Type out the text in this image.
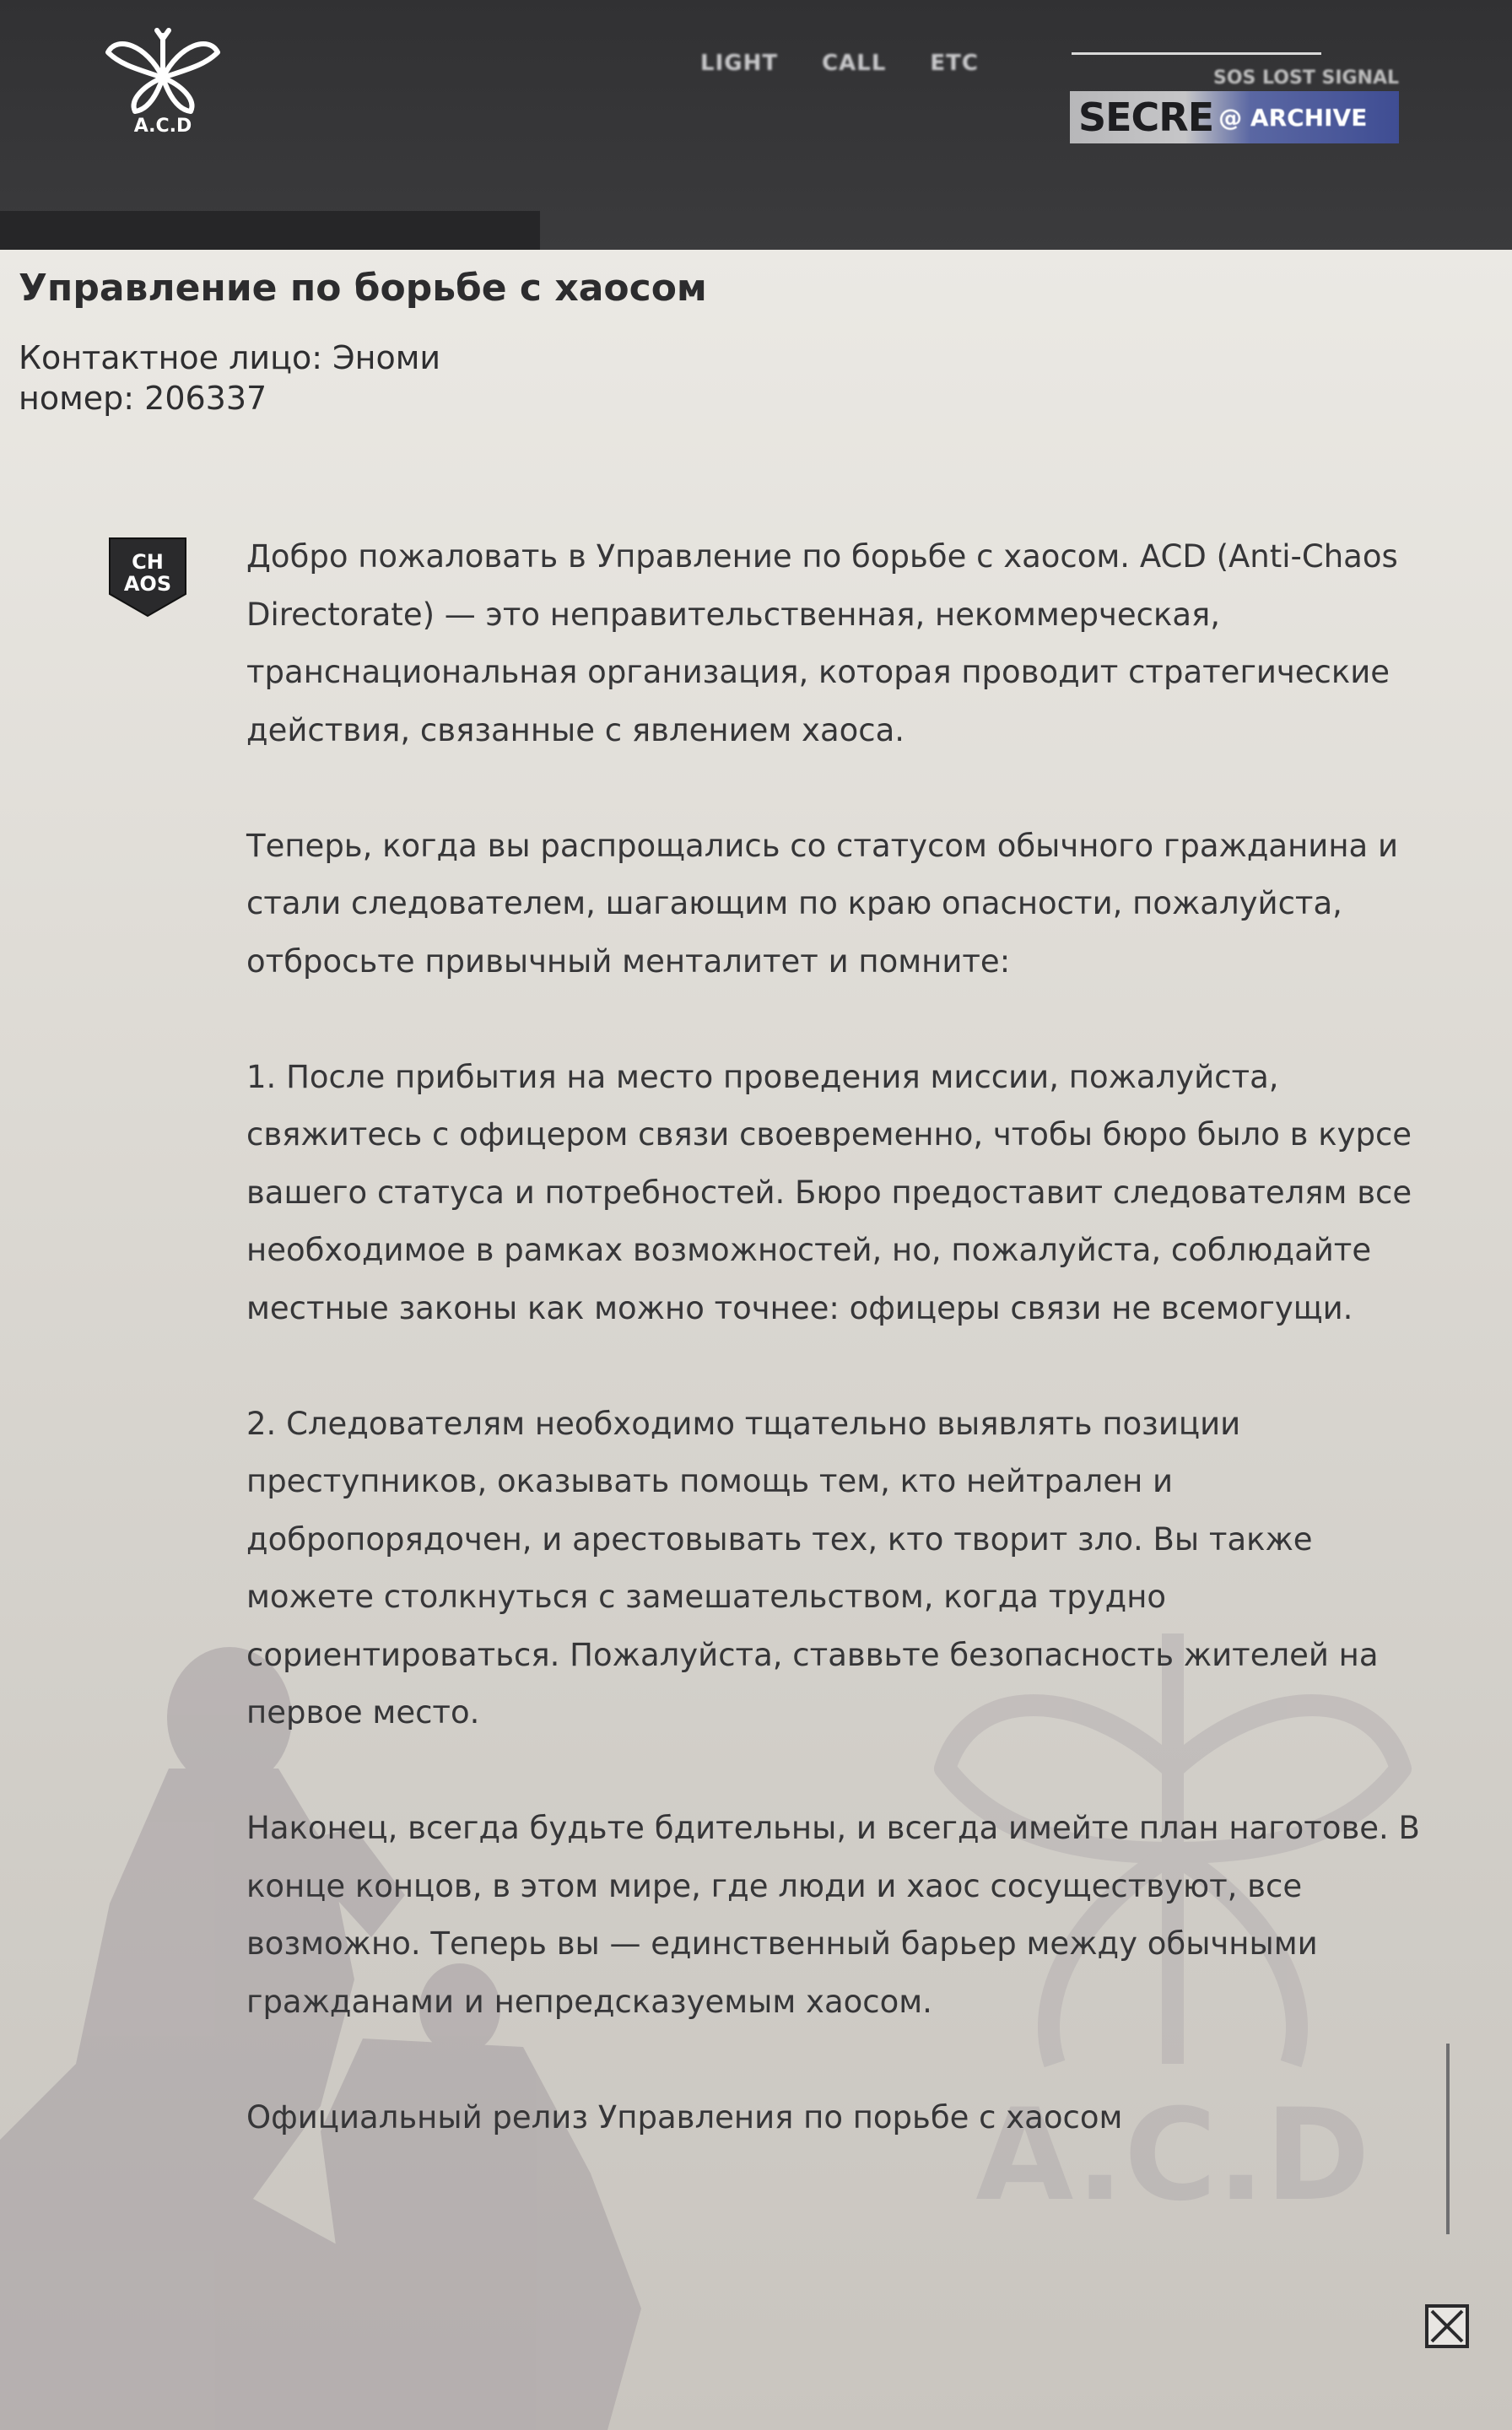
A.C.D
LIGHT CALL ETC
SOS LOST SIGNAL
SECRE @ ARCHIVE
A.C.D
Управление по борьбе с хаосом
Контактное лицо: Эноми
номер: 206337
CH
AOS

Добро пожаловать в Управление по борьбе с хаосом. ACD (Anti-Chaos Directorate) — это неправительственная, некоммерческая, транснациональная организация, которая проводит стратегические действия, связанные с явлением хаоса.

Теперь, когда вы распрощались со статусом обычного гражданина и стали следователем, шагающим по краю опасности, пожалуйста, отбросьте привычный менталитет и помните:

1. После прибытия на место проведения миссии, пожалуйста, свяжитесь с офицером связи своевременно, чтобы бюро было в курсе вашего статуса и потребностей. Бюро предоставит следователям все необходимое в рамках возможностей, но, пожалуйста, соблюдайте местные законы как можно точнее: офицеры связи не всемогущи.

2. Следователям необходимо тщательно выявлять позиции преступников, оказывать помощь тем, кто нейтрален и добропорядочен, и арестовывать тех, кто творит зло. Вы также можете столкнуться с замешательством, когда трудно сориентироваться. Пожалуйста, ставвьте безопасность жителей на первое место.

Наконец, всегда будьте бдительны, и всегда имейте план наготове. В конце концов, в этом мире, где люди и хаос сосуществуют, все возможно. Теперь вы — единственный барьер между обычными гражданами и непредсказуемым хаосом.

Официальный релиз Управления по порьбе с хаосом
